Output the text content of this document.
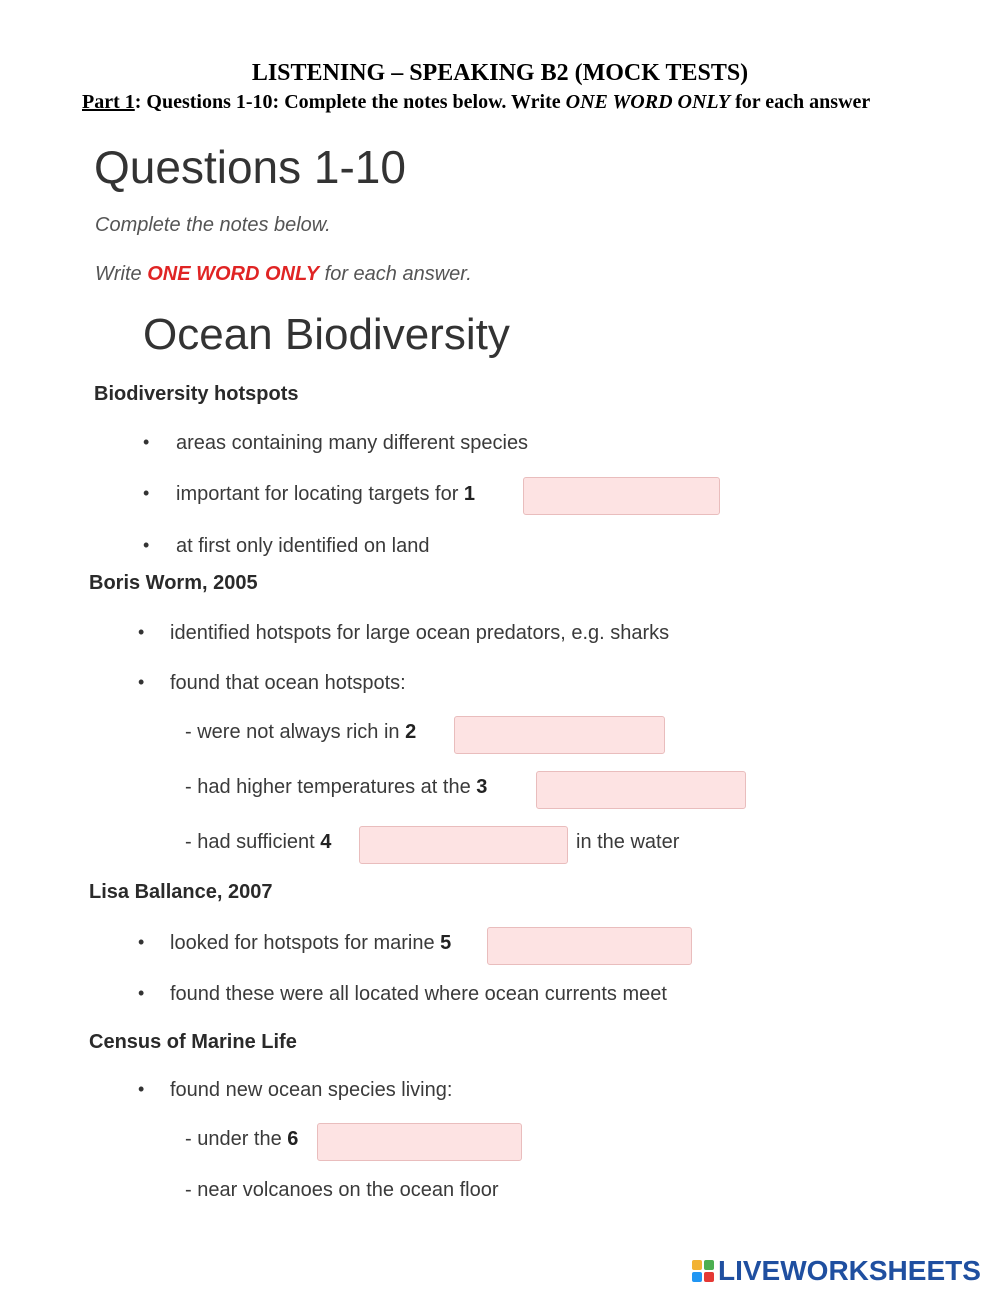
LISTENING – SPEAKING B2 (MOCK TESTS)
Part 1: Questions 1-10: Complete the notes below. Write ONE WORD ONLY for each answer
Questions 1-10
Complete the notes below.
Write ONE WORD ONLY for each answer.
Ocean Biodiversity
Biodiversity hotspots
• areas containing many different species
• important for locating targets for 1
• at first only identified on land
Boris Worm, 2005
• identified hotspots for large ocean predators, e.g. sharks
• found that ocean hotspots:
- were not always rich in 2
- had higher temperatures at the 3
- had sufficient 4	in the water
Lisa Ballance, 2007
• looked for hotspots for marine 5
• found these were all located where ocean currents meet
Census of Marine Life
• found new ocean species living:
- under the 6
- near volcanoes on the ocean floor
LIVEWORKSHEETS
